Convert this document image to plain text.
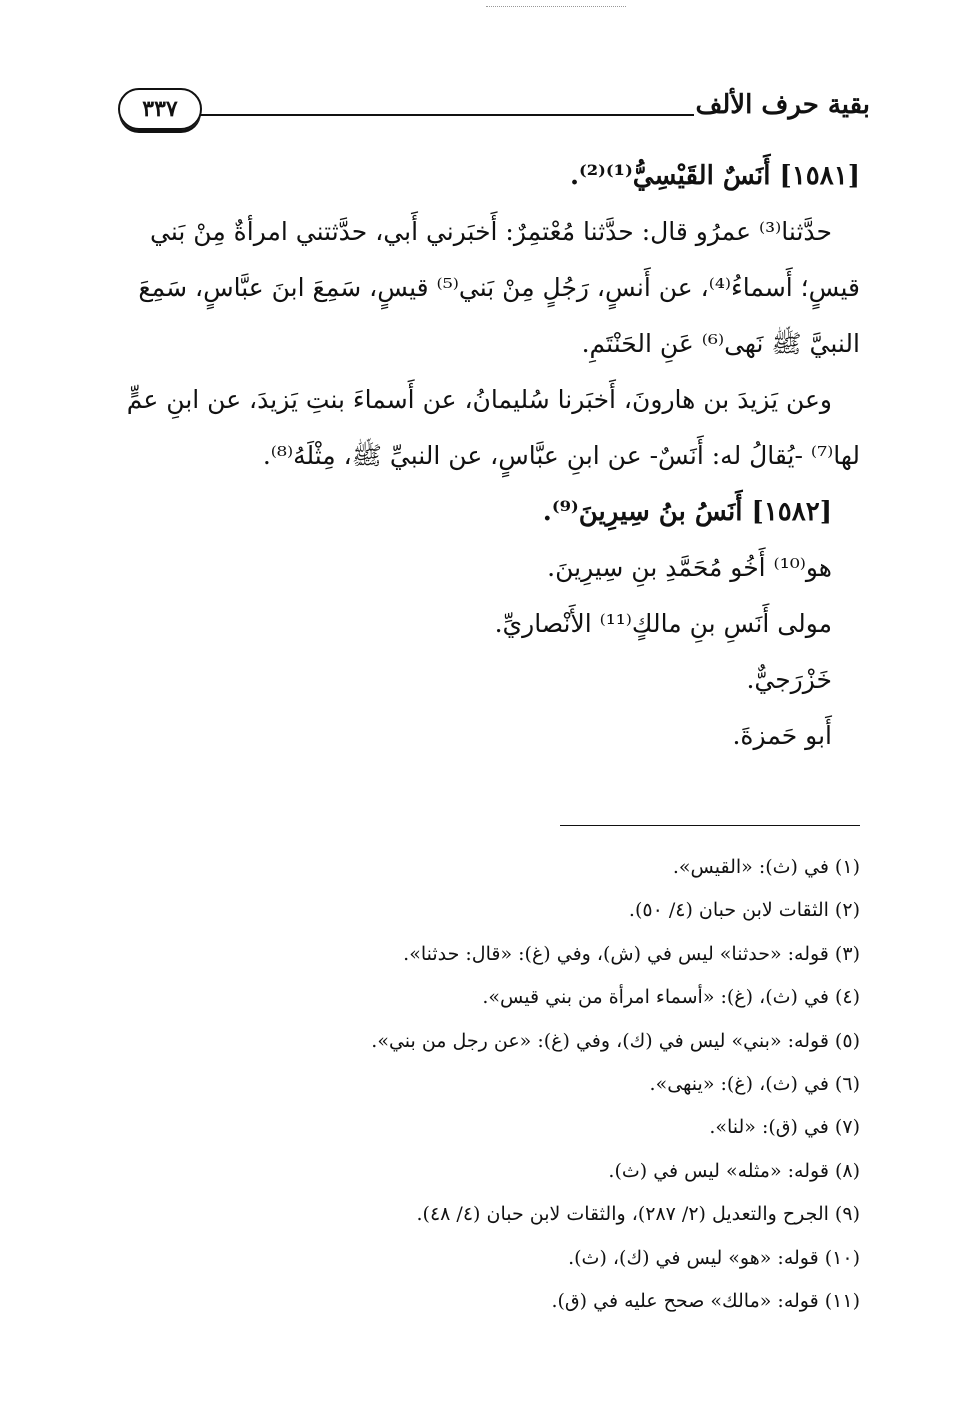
بقية حرف الألف
٣٣٧

[١٥٨١] أَنَسٌ القَيْسِيُّ⁽¹⁾⁽²⁾.

حدَّثنا⁽³⁾ عمرُو قال: حدَّثنا مُعْتمِرٌ: أَخبَرني أَبي، حدَّثتني امرأةٌ مِنْ بَني

قيسٍ؛ أَسماءُ⁽⁴⁾، عن أَنسٍ، رَجُلٍ مِنْ بَني⁽⁵⁾ قيسٍ، سَمِعَ ابنَ عبَّاسٍ، سَمِعَ

النبيَّ ﷺ نَهى⁽⁶⁾ عَنِ الحَنْتَمِ.

وعن يَزيدَ بن هارونَ، أَخبَرنا سُليمانُ، عن أَسماءَ بنتِ يَزيدَ، عن ابنِ عمٍّ

لها⁽⁷⁾ -يُقالُ له: أَنَسٌ- عن ابنِ عبَّاسٍ، عن النبيِّ ﷺ، مِثْلَهُ⁽⁸⁾.

[١٥٨٢] أَنَسُ بنُ سِيرِينَ⁽⁹⁾.

هو⁽¹⁰⁾ أَخُو مُحَمَّدِ بنِ سِيرِينَ.

مولى أَنَسِ بنِ مالكٍ⁽¹¹⁾ الأَنْصاريِّ.

خَزْرَجيٌّ.

أَبو حَمزةَ.

(١) في (ث): «القيس».

(٢) الثقات لابن حبان (٤/ ٥٠).

(٣) قوله: «حدثنا» ليس في (ش)، وفي (غ): «قال: حدثنا».

(٤) في (ث)، (غ): «أسماء امرأة من بني قيس».

(٥) قوله: «بني» ليس في (ك)، وفي (غ): «عن رجل من بني».

(٦) في (ث)، (غ): «ينهى».

(٧) في (ق): «لنا».

(٨) قوله: «مثله» ليس في (ث).

(٩) الجرح والتعديل (٢/ ٢٨٧)، والثقات لابن حبان (٤/ ٤٨).

(١٠) قوله: «هو» ليس في (ك)، (ث).

(١١) قوله: «مالك» صحح عليه في (ق).
